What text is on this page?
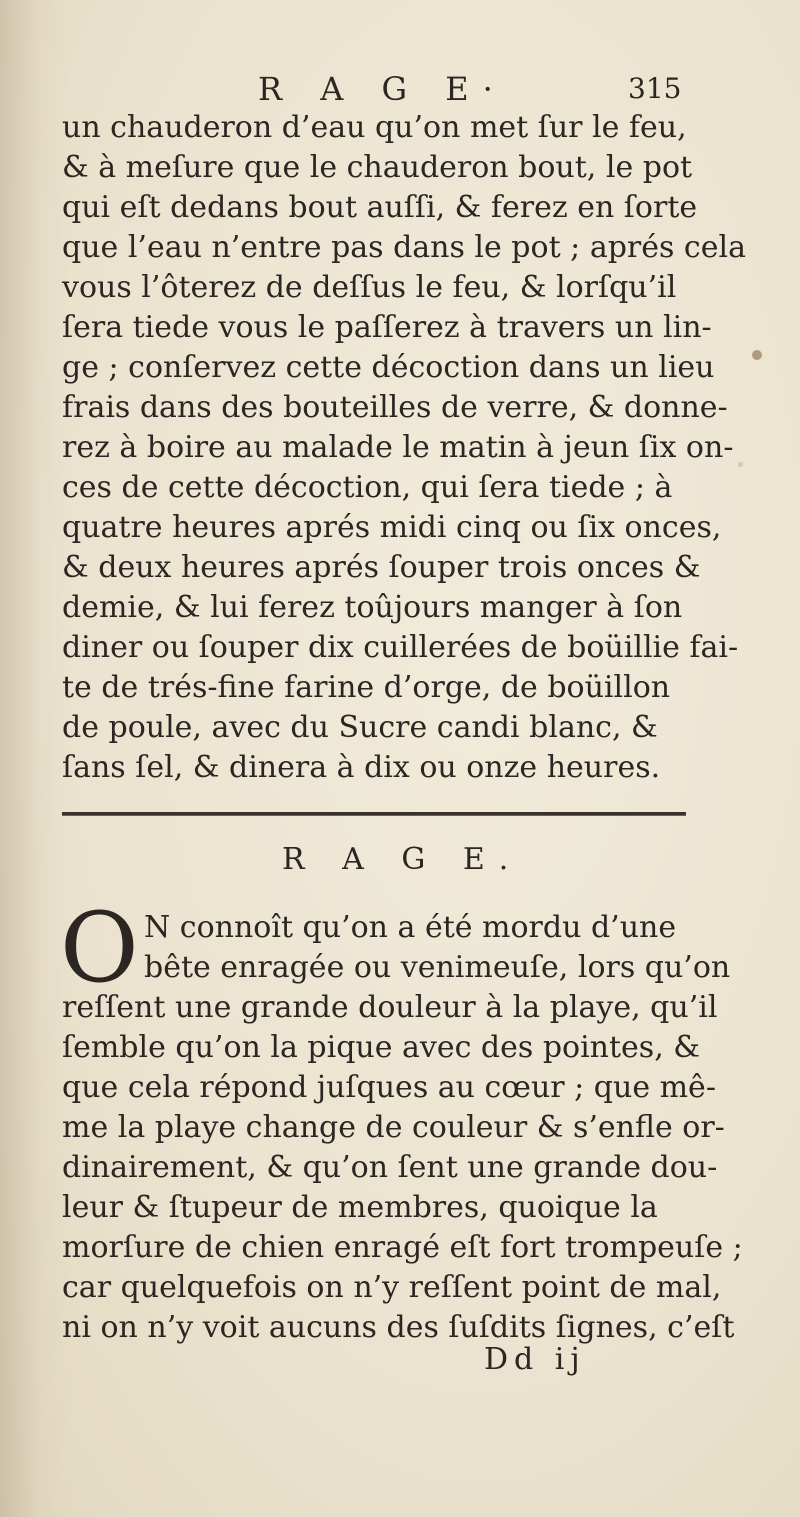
R A G E·	315
un chauderon d’eau qu’on met ſur le feu,
& à meſure que le chauderon bout, le pot
qui eſt dedans bout auſſi, & ferez en ſorte
que l’eau n’entre pas dans le pot ; aprés cela
vous l’ôterez de deſſus le feu, & lorſqu’il
ſera tiede vous le paſſerez à travers un lin-
ge ; conſervez cette décoction dans un lieu
frais dans des bouteilles de verre, & donne-
rez à boire au malade le matin à jeun ſix on-
ces de cette décoction, qui ſera tiede ; à
quatre heures aprés midi cinq ou ſix onces,
& deux heures aprés ſouper trois onces &
demie, & lui ferez toûjours manger à ſon
diner ou ſouper dix cuillerées de boüillie fai-
te de trés-fine farine d’orge, de boüillon
de poule, avec du Sucre candi blanc, &
ſans ſel, & dinera à dix ou onze heures.
R A G E.
O N connoît qu’on a été mordu d’une
bête enragée ou venimeuſe, lors qu’on
reſſent une grande douleur à la playe, qu’il
ſemble qu’on la pique avec des pointes, &
que cela répond juſques au cœur ; que mê-
me la playe change de couleur & s’enfle or-
dinairement, & qu’on ſent une grande dou-
leur & ſtupeur de membres, quoique la
morſure de chien enragé eſt fort trompeuſe ;
car quelquefois on n’y reſſent point de mal,
ni on n’y voit aucuns des ſuſdits ſignes, c’eſt
Dd ij
